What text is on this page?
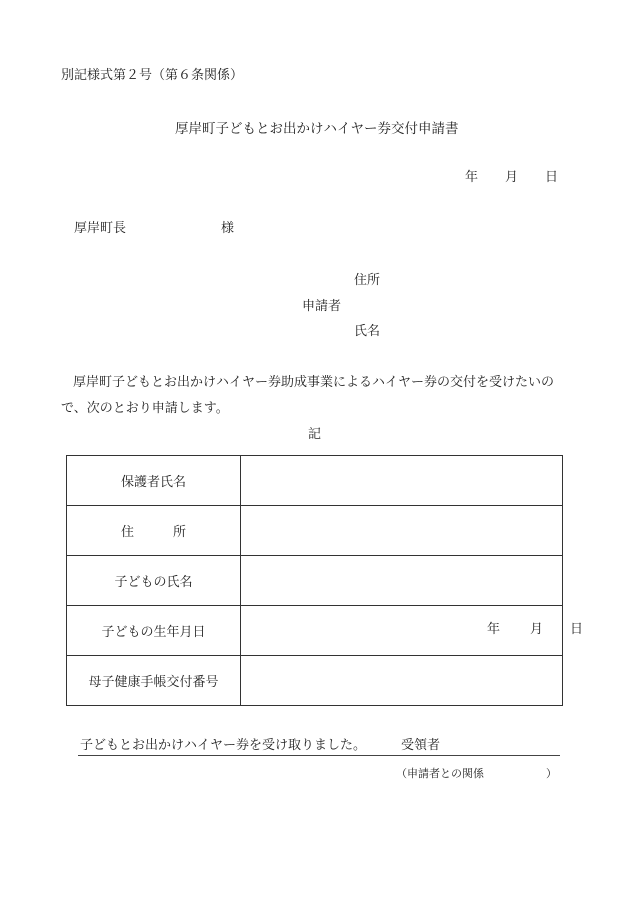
別記様式第２号（第６条関係）
厚岸町子どもとお出かけハイヤー券交付申請書
年 月 日
厚岸町長	様
住所
申請者
氏名
厚岸町子どもとお出かけハイヤー券助成事業によるハイヤー券の交付を受けたいの
で、次のとおり申請します。
記
保護者氏名	
住　　　所	
子どもの氏名	
子どもの生年月日	年 月 日

母子健康手帳交付番号	
子どもとお出かけハイヤー券を受け取りました。	受領者
（申請者との関係	）
